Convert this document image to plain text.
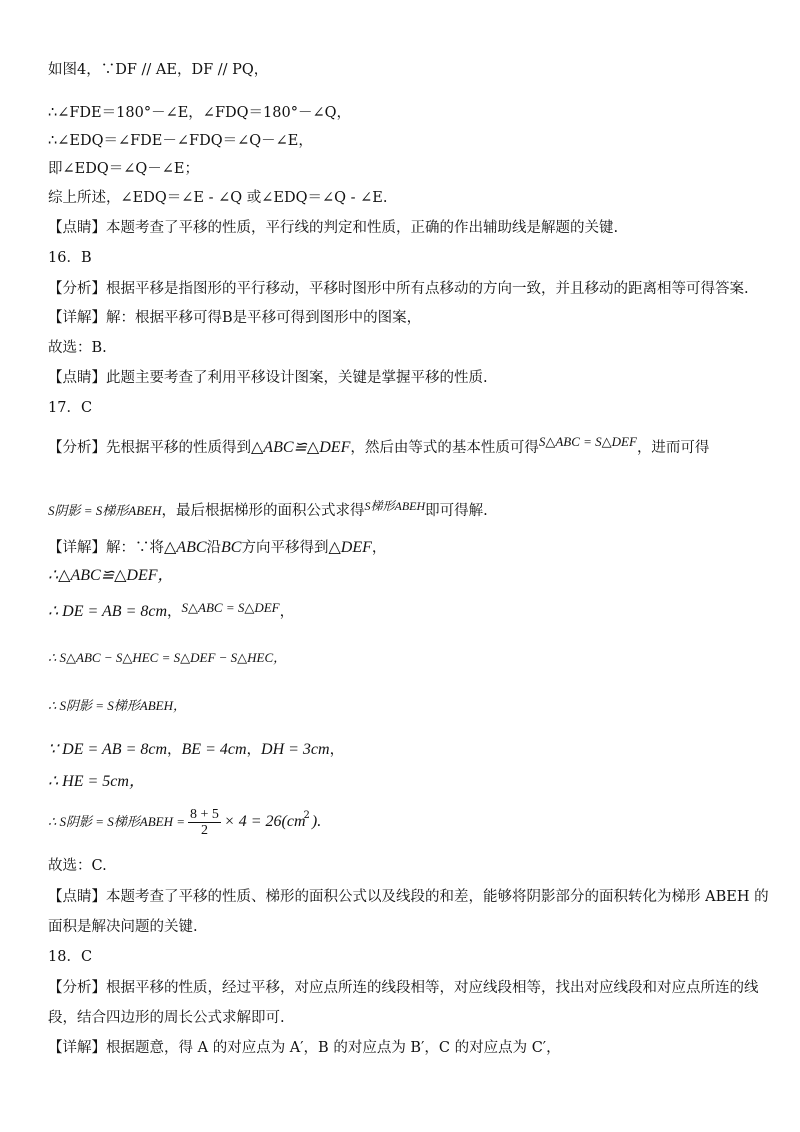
如图4，∵DF // AE，DF // PQ，
∴∠FDE＝180°－∠E，∠FDQ＝180°－∠Q，
∴∠EDQ＝∠FDE－∠FDQ＝∠Q－∠E，
即∠EDQ＝∠Q－∠E；
综上所述，∠EDQ＝∠E - ∠Q 或∠EDQ＝∠Q - ∠E.
【点睛】本题考查了平移的性质，平行线的判定和性质，正确的作出辅助线是解题的关键.
16．B
【分析】根据平移是指图形的平行移动，平移时图形中所有点移动的方向一致，并且移动的距离相等可得答案.
【详解】解：根据平移可得B是平移可得到图形中的图案，
故选：B.
【点睛】此题主要考查了利用平移设计图案，关键是掌握平移的性质.
17．C
【分析】先根据平移的性质得到△ABC≌△DEF，然后由等式的基本性质可得S△ABC = S△DEF，进而可得
S阴影 = S梯形ABEH，最后根据梯形的面积公式求得$^{S梯形ABEH}$即可得解.
【详解】解：∵将△ABC沿BC方向平移得到△DEF，
∴△ABC≌△DEF，
∴ DE = AB = 8cm，S△ABC = S△DEF，
∴ S△ABC − S△HEC = S△DEF − S△HEC，
∴ S阴影 = S梯形ABEH，
∵ DE = AB = 8cm，BE = 4cm，DH = 3cm，
∴ HE = 5cm，
∴ S阴影 = S梯形ABEH = $\frac{8 + 5}{2} \times 4 = 26(cm^2$ ).
故选：C.
【点睛】本题考查了平移的性质、梯形的面积公式以及线段的和差，能够将阴影部分的面积转化为梯形 ABEH 的
面积是解决问题的关键.
18．C
【分析】根据平移的性质，经过平移，对应点所连的线段相等，对应线段相等，找出对应线段和对应点所连的线
段，结合四边形的周长公式求解即可.
【详解】根据题意，得 A 的对应点为 A′，B 的对应点为 B′，C 的对应点为 C′，
